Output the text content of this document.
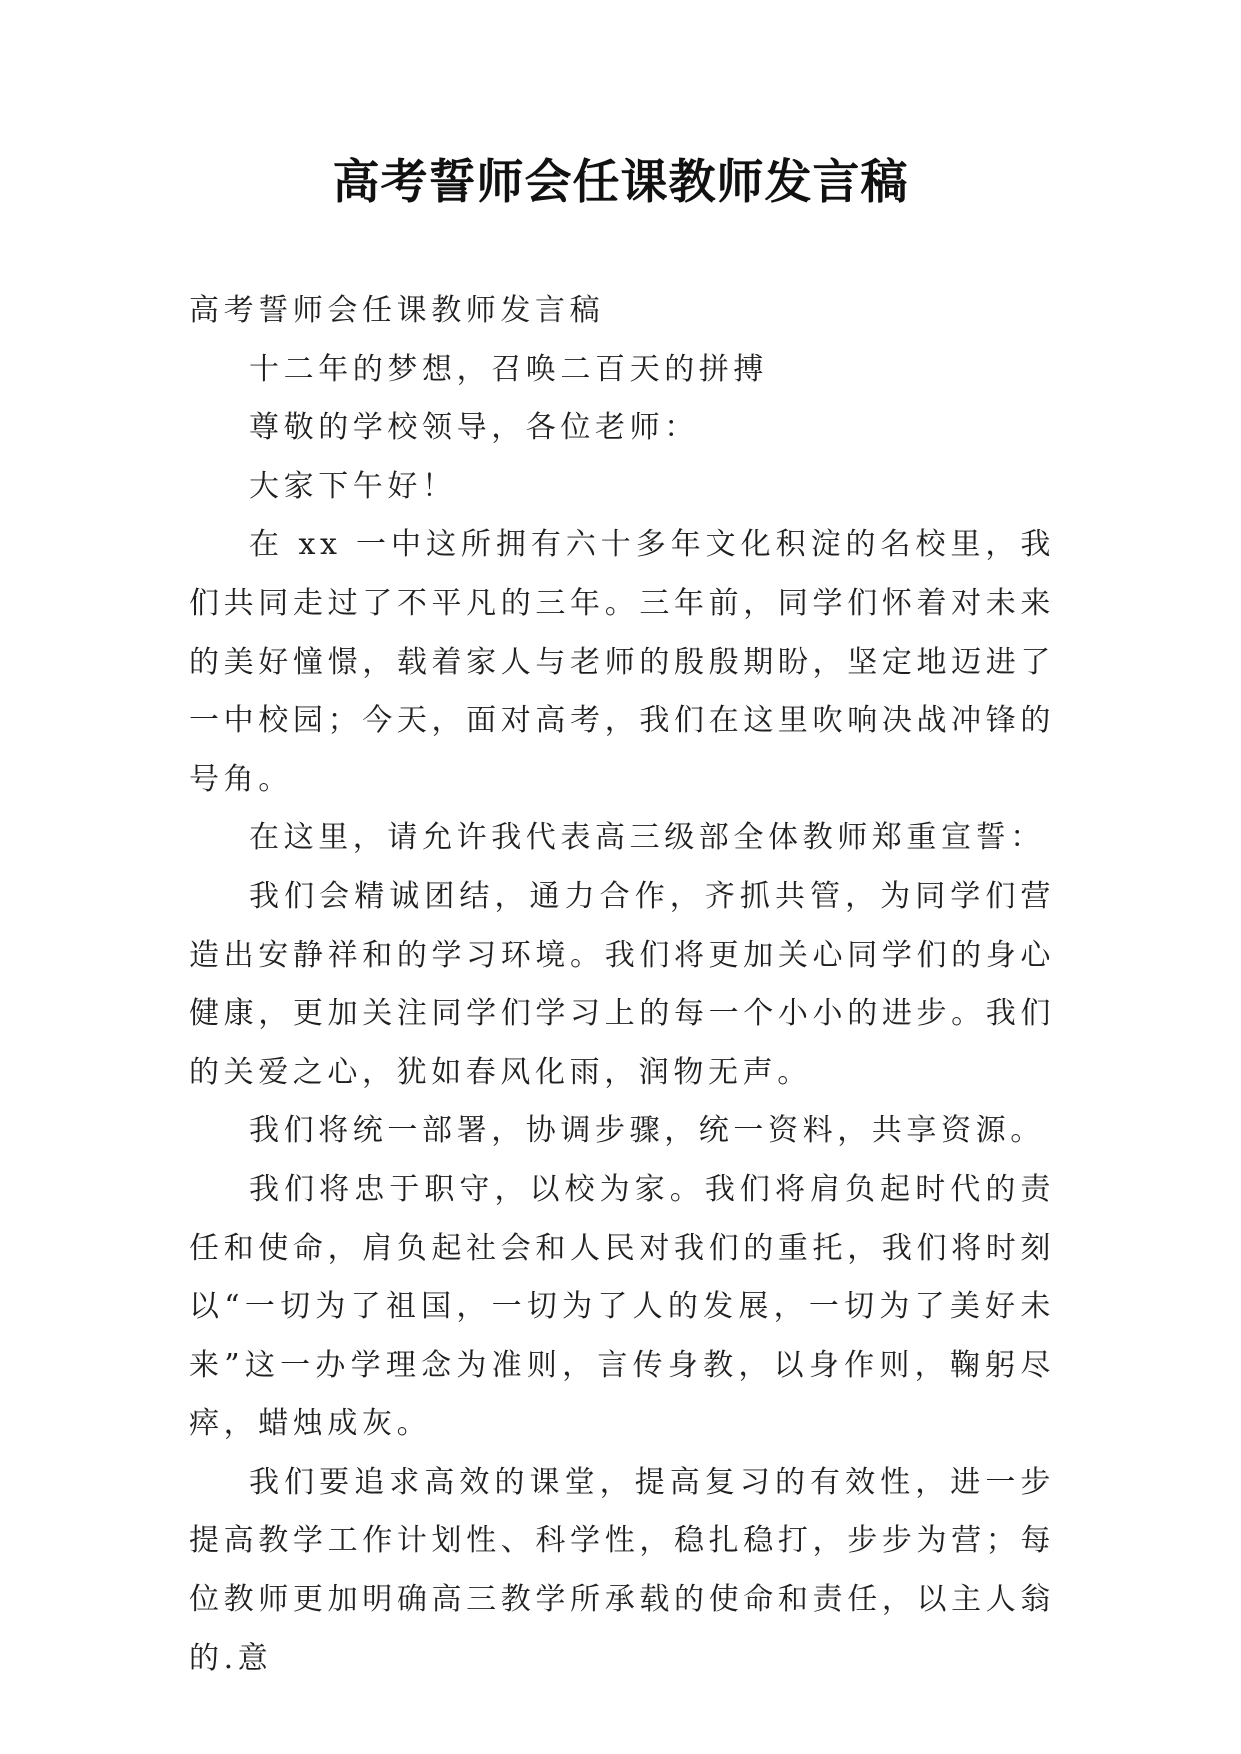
高考誓师会任课教师发言稿

高考誓师会任课教师发言稿

十二年的梦想，召唤二百天的拼搏

尊敬的学校领导，各位老师：

大家下午好！

在 xx 一中这所拥有六十多年文化积淀的名校里，我们共同走过了不平凡的三年。三年前，同学们怀着对未来的美好憧憬，载着家人与老师的殷殷期盼，坚定地迈进了一中校园；今天，面对高考，我们在这里吹响决战冲锋的号角。

在这里，请允许我代表高三级部全体教师郑重宣誓：

我们会精诚团结，通力合作，齐抓共管，为同学们营造出安静祥和的学习环境。我们将更加关心同学们的身心健康，更加关注同学们学习上的每一个小小的进步。我们的关爱之心，犹如春风化雨，润物无声。

我们将统一部署，协调步骤，统一资料，共享资源。

我们将忠于职守，以校为家。我们将肩负起时代的责任和使命，肩负起社会和人民对我们的重托，我们将时刻以“一切为了祖国，一切为了人的发展，一切为了美好未来”这一办学理念为准则，言传身教，以身作则，鞠躬尽瘁，蜡烛成灰。

我们要追求高效的课堂，提高复习的有效性，进一步提高教学工作计划性、科学性，稳扎稳打，步步为营；每位教师更加明确高三教学所承载的使命和责任，以主人翁的.意
